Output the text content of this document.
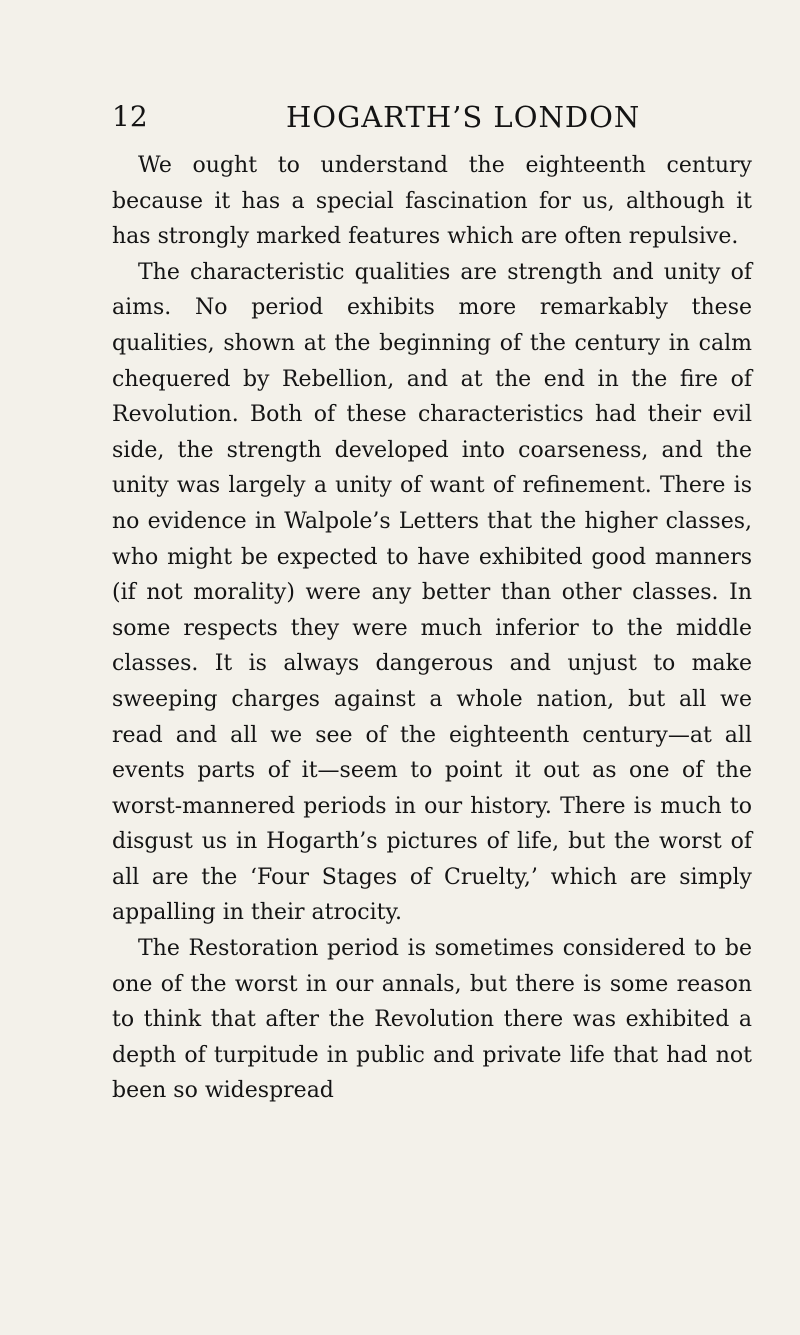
12	HOGARTH’S LONDON

We ought to understand the eighteenth century because it has a special fascination for us, although it has strongly marked features which are often repulsive.

The characteristic qualities are strength and unity of aims. No period exhibits more remarkably these qualities, shown at the beginning of the century in calm chequered by Rebellion, and at the end in the fire of Revolution. Both of these characteristics had their evil side, the strength developed into coarseness, and the unity was largely a unity of want of refinement. There is no evidence in Walpole’s Letters that the higher classes, who might be expected to have exhibited good manners (if not morality) were any better than other classes. In some respects they were much inferior to the middle classes. It is always dangerous and unjust to make sweeping charges against a whole nation, but all we read and all we see of the eighteenth century—at all events parts of it—seem to point it out as one of the worst-mannered periods in our history. There is much to disgust us in Hogarth’s pictures of life, but the worst of all are the ‘Four Stages of Cruelty,’ which are simply appalling in their atrocity.

The Restoration period is sometimes considered to be one of the worst in our annals, but there is some reason to think that after the Revolution there was exhibited a depth of turpitude in public and private life that had not been so widespread
